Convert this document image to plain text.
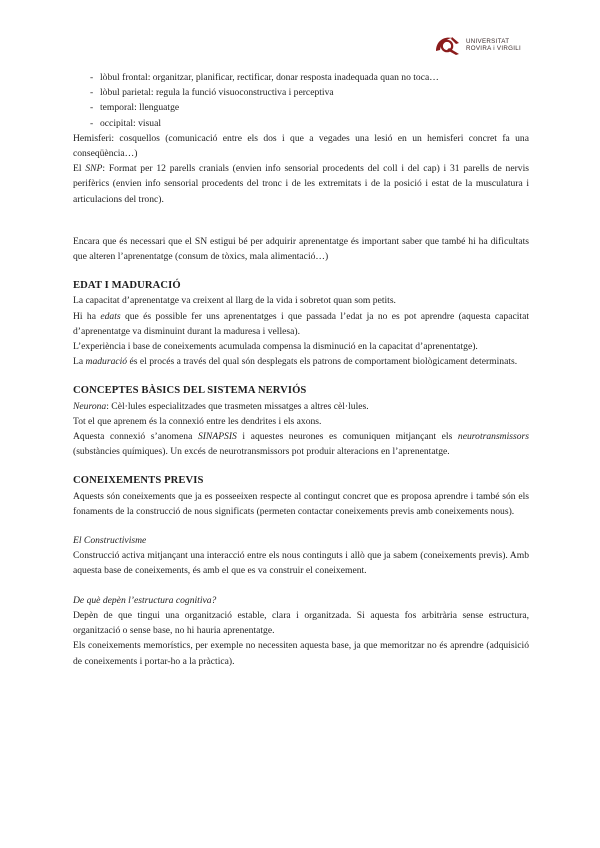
UNIVERSITAT
ROVIRA i VIRGILI
- lòbul frontal: organitzar, planificar, rectificar, donar resposta inadequada quan no toca…
- lòbul parietal: regula la funció visuoconstructiva i perceptiva
- temporal: llenguatge
- occipital: visual

Hemisferi: cosquellos (comunicació entre els dos i que a vegades una lesió en un hemisferi concret fa una conseqüència…)

El SNP: Format per 12 parells cranials (envien info sensorial procedents del coll i del cap) i 31 parells de nervis perifèrics (envien info sensorial procedents del tronc i de les extremitats i de la posició i estat de la musculatura i articulacions del tronc).

Encara que és necessari que el SN estigui bé per adquirir aprenentatge és important saber que també hi ha dificultats que alteren l’aprenentatge (consum de tòxics, mala alimentació…)

EDAT I MADURACIÓ

La capacitat d’aprenentatge va creixent al llarg de la vida i sobretot quan som petits.

Hi ha edats que és possible fer uns aprenentatges i que passada l’edat ja no es pot aprendre (aquesta capacitat d’aprenentatge va disminuint durant la maduresa i vellesa).

L’experiència i base de coneixements acumulada compensa la disminució en la capacitat d’aprenentatge).

La maduració és el procés a través del qual són desplegats els patrons de comportament biològicament determinats.

CONCEPTES BÀSICS DEL SISTEMA NERVIÓS

Neurona: Cèl·lules especialitzades que trasmeten missatges a altres cèl·lules.

Tot el que aprenem és la connexió entre les dendrites i els axons.

Aquesta connexió s’anomena SINAPSIS i aquestes neurones es comuniquen mitjançant els neurotransmissors (substàncies químiques). Un excés de neurotransmissors pot produir alteracions en l’aprenentatge.

CONEIXEMENTS PREVIS

Aquests són coneixements que ja es posseeixen respecte al contingut concret que es proposa aprendre i també són els fonaments de la construcció de nous significats (permeten contactar coneixements previs amb coneixements nous).

El Constructivisme

Construcció activa mitjançant una interacció entre els nous continguts i allò que ja sabem (coneixements previs). Amb aquesta base de coneixements, és amb el que es va construir el coneixement.

De què depèn l’estructura cognitiva?

Depèn de que tingui una organització estable, clara i organitzada. Si aquesta fos arbitrària sense estructura, organització o sense base, no hi hauria aprenentatge.

Els coneixements memorístics, per exemple no necessiten aquesta base, ja que memoritzar no és aprendre (adquisició de coneixements i portar-ho a la pràctica).
